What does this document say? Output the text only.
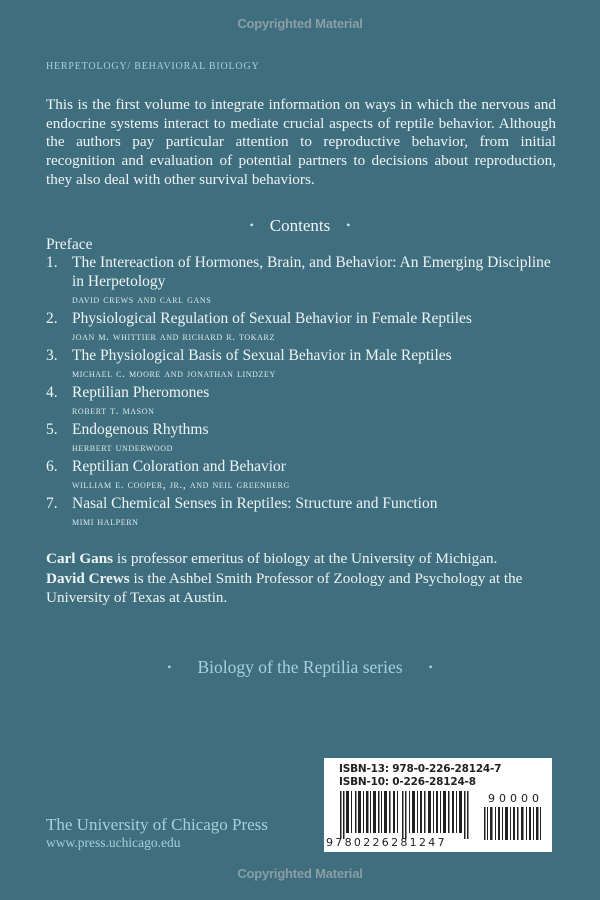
Copyrighted Material
HERPETOLOGY/ BEHAVIORAL BIOLOGY
This is the first volume to integrate information on ways in which the nervous and endocrine systems interact to mediate crucial aspects of reptile behavior. Although the authors pay particular attention to reproductive behavior, from initial recognition and evaluation of potential partners to decisions about reproduction, they also deal with other survival behaviors.
• Contents •
Preface
1. The Intereaction of Hormones, Brain, and Behavior: An Emerging Discipline in Herpetology
david crews and carl gans
2. Physiological Regulation of Sexual Behavior in Female Reptiles
joan m. whittier and richard r. tokarz
3. The Physiological Basis of Sexual Behavior in Male Reptiles
michael c. moore and jonathan lindzey
4. Reptilian Pheromones
robert t. mason
5. Endogenous Rhythms
herbert underwood
6. Reptilian Coloration and Behavior
william e. cooper, jr., and neil greenberg
7. Nasal Chemical Senses in Reptiles: Structure and Function
mimi halpern
Carl Gans is professor emeritus of biology at the University of Michigan.
David Crews is the Ashbel Smith Professor of Zoology and Psychology at the University of Texas at Austin.
• Biology of the Reptilia series •
The University of Chicago Press
www.press.uchicago.edu
ISBN-13: 978-0-226-28124-7
ISBN-10: 0-226-28124-8
9780226281247
90000
Copyrighted Material
